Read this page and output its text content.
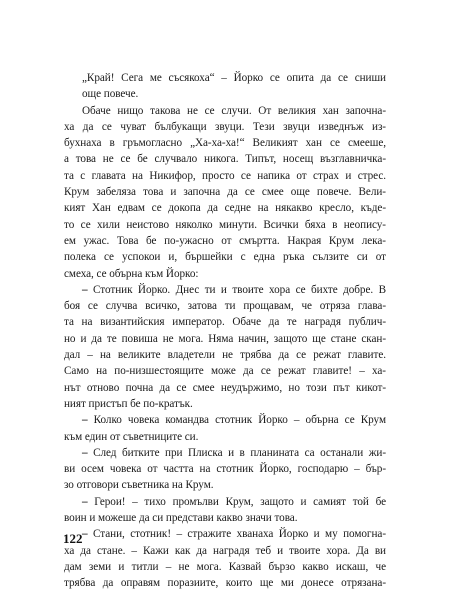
„Край! Сега ме съсякоха“ – Йорко се опита да се сниши
още повече.
Обаче нищо такова не се случи. От великия хан започна-
ха да се чуват бълбукащи звуци. Тези звуци изведнъж из-
бухнаха в гръмогласно „Ха-ха-ха!“ Великият хан се смееше,
а това не се бе случвало никога. Типът, носещ възглавничка-
та с главата на Никифор, просто се напика от страх и стрес.
Крум забеляза това и започна да се смее още повече. Вели-
кият Хан едвам се докопа да седне на някакво кресло, къде-
то се хили неистово няколко минути. Всички бяха в неопису-
ем ужас. Това бе по-ужасно от смъртта. Накрая Крум лека-
полека се успокои и, бършейки с една ръка сълзите си от
смеха, се обърна към Йорко:
– Стотник Йорко. Днес ти и твоите хора се бихте добре. В
боя се случва всичко, затова ти прощавам, че отряза глава-
та на византийския император. Обаче да те наградя публич-
но и да те повиша не мога. Няма начин, защото ще стане скан-
дал – на великите владетели не трябва да се режат главите.
Само на по-низшестоящите може да се режат главите! – ха-
нът отново почна да се смее неудържимо, но този път кикот-
ният пристъп бе по-кратък.
– Колко човека командва стотник Йорко – обърна се Крум
към един от съветниците си.
– След битките при Плиска и в планината са останали жи-
ви осем човека от частта на стотник Йорко, господарю – бър-
зо отговори съветника на Крум.
– Герои! – тихо промълви Крум, защото и самият той бе
воин и можеше да си представи какво значи това.
– Стани, стотник! – стражите хванаха Йорко и му помогна-
ха да стане. – Кажи как да наградя теб и твоите хора. Да ви
дам земи и титли – не мога. Казвай бързо какво искаш, че
трябва да оправям поразиите, които ще ми донесе отрязана-
122
